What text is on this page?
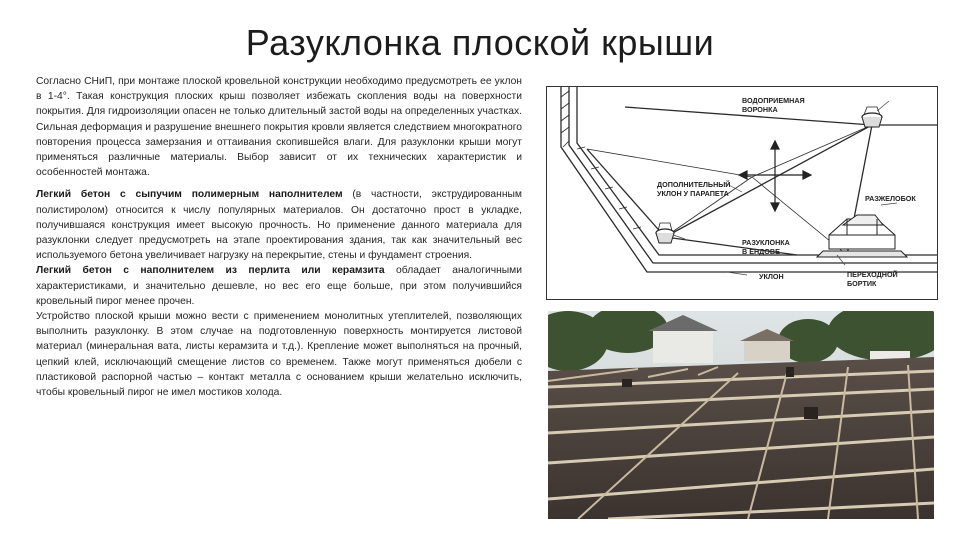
Разуклонка плоской крыши

Согласно СНиП, при монтаже плоской кровельной конструкции необходимо предусмотреть ее уклон в 1-4°. Такая конструкция плоских крыш позволяет избежать скопления воды на поверхности покрытия. Для гидроизоляции опасен не только длительный застой воды на определенных участках. Сильная деформация и разрушение внешнего покрытия кровли является следствием многократного повторения процесса замерзания и оттаивания скопившейся влаги. Для разуклонки крыши могут применяться различные материалы. Выбор зависит от их технических характеристик и особенностей монтажа.

Легкий бетон с сыпучим полимерным наполнителем (в частности, экструдированным полистиролом) относится к числу популярных материалов. Он достаточно прост в укладке, получившаяся конструкция имеет высокую прочность. Но применение данного материала для разуклонки следует предусмотреть на этапе проектирования здания, так как значительный вес используемого бетона увеличивает нагрузку на перекрытие, стены и фундамент строения.

Легкий бетон с наполнителем из перлита или керамзита обладает аналогичными характеристиками, и значительно дешевле, но вес его еще больше, при этом получившийся кровельный пирог менее прочен.

Устройство плоской крыши можно вести с применением монолитных утеплителей, позволяющих выполнить разуклонку. В этом случае на подготовленную поверхность монтируется листовой материал (минеральная вата, листы керамзита и т.д.). Крепление может выполняться на прочный, цепкий клей, исключающий смещение листов со временем. Также могут применяться дюбели с пластиковой распорной частью – контакт металла с основанием крыши желательно исключить, чтобы кровельный пирог не имел мостиков холода.

ВОДОПРИЕМНАЯ
ВОРОНКА
ДОПОЛНИТЕЛЬНЫЙ
УКЛОН У ПАРАПЕТА
РАЗЖЕЛОБОК
РАЗУКЛОНКА
В ЕНДОВЕ
УКЛОН	ПЕРЕХОДНОЙ
БОРТИК
